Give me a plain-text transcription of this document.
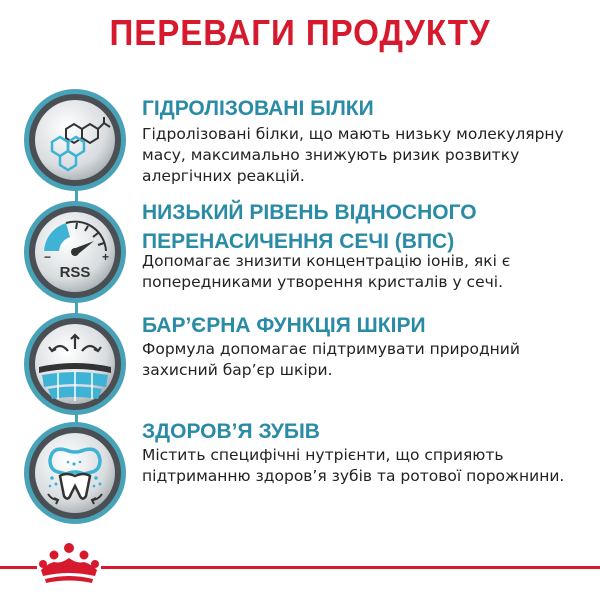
ПЕРЕВАГИ ПРОДУКТУ
ГІДРОЛІЗОВАНІ БІЛКИ
Гідролізовані білки, що мають низьку молекулярну
масу, максимально знижують ризик розвитку
алергічних реакцій.
−	+
RSS
НИЗЬКИЙ РІВЕНЬ ВІДНОСНОГО
ПЕРЕНАСИЧЕННЯ СЕЧІ (ВПС)
Допомагає знизити концентрацію іонів, які є
попередниками утворення кристалів у сечі.
БАР’ЄРНА ФУНКЦІЯ ШКІРИ
Формула допомагає підтримувати природний
захисний бар’єр шкіри.
ЗДОРОВ’Я ЗУБІВ
Містить специфічні нутрієнти, що сприяють
підтриманню здоров’я зубів та ротової порожнини.
